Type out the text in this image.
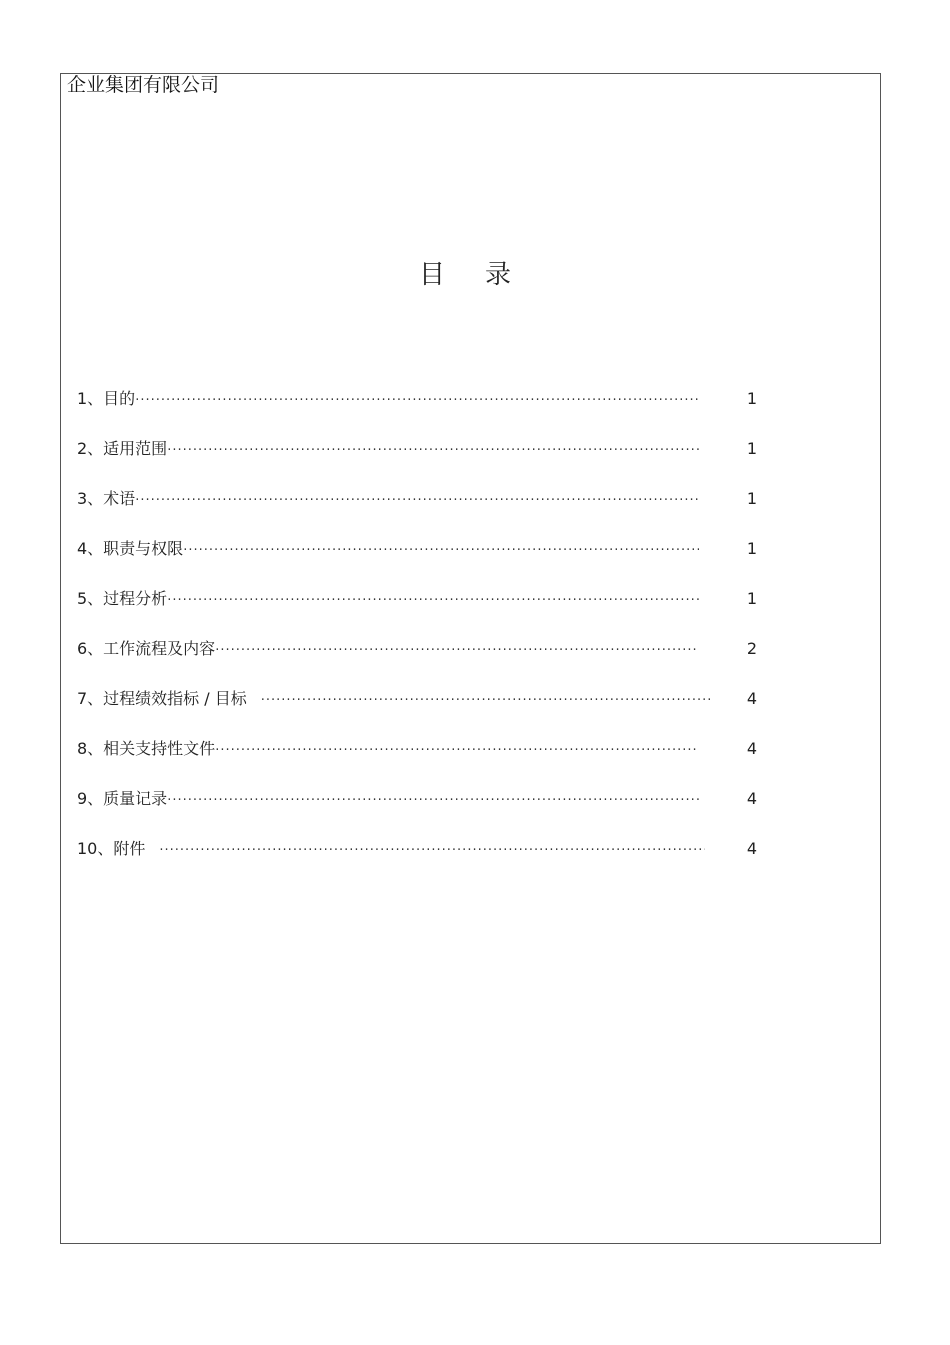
企业集团有限公司
目录
1、目的 ·····	1
2、适用范围 ·····	1
3、术语 ·····	1
4、职责与权限 ·····	1
5、过程分析 ·····	1
6、工作流程及内容 ·····	2
7、过程绩效指标 / 目标 ·····	4
8、相关支持性文件 ·····	4
9、质量记录 ·····	4
10、附件 ·····	4
